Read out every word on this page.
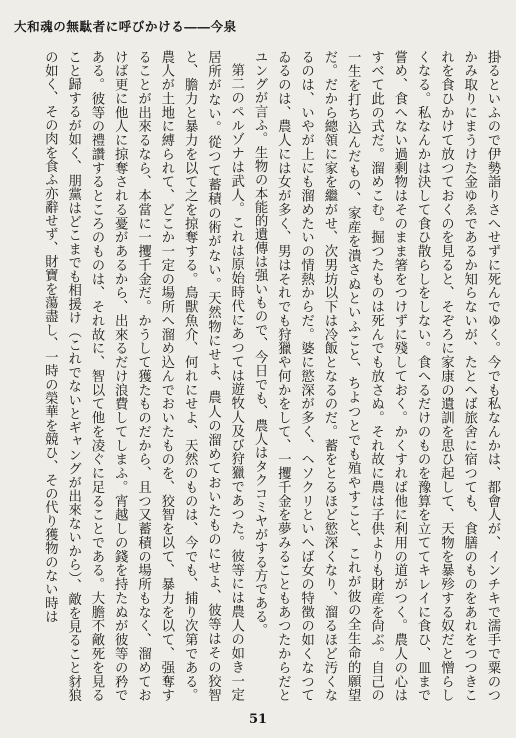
大和魂の無駄者に呼びかける――今泉

掛るといふので伊勢詣りさへせずに死んでゆく。今でも私なんかは、都會人が、インチキで濡手で粟のつかみ取りにまうけた金ゆゑであるか知らないが、たとへば旅舍に宿つても、食膳のものをあれをつつきこれを食ひかけて放つておくのを見ると、そぞろに家康の遺訓を思ひ起して、天物を暴殄する奴だと憎らしくなる。私なんかは決して食ひ散らしをしない。食へるだけのものを豫算を立ててキレイに食ひ、皿まで嘗め、食へない過剩物はそのまま箸をつけずに殘しておく。かくすれば他に利用の道がつく。農人の心はすべて此の式だ。溜めこむ。掘つたものは死んでも放さぬ。それ故に農は子供よりも財産を尙ぶ。自己の一生を打ち込んだもの、家産を潰さぬといふこと、ちよつとでも殖やすこと、これが彼の全生命的願望だ。だから總領に家を繼がせ、次男坊以下は冷飯となるのだ。蓄をとるほど慾深くなり、溜るほど汚くなるのは、いやが上にも溜めたいの情熱からだ。婆に慾深が多く、ヘソクリといへば女の特徴の如くなつてゐるのは、農人には女が多く、男はそれでも狩獵や何かをして、一攫千金を夢みることもあつたからだとユングが言ふ。生物の本能的遺傳は强いもので、今日でも、農人はタクコミヤがする方である。

第二のペルゾナは武人。これは原始時代にあつては遊牧人及び狩獵であつた。彼等には農人の如き一定居所がない。從つて蓄積の術がない。天然物にせよ、農人の溜めておいたものにせよ、彼等はその狡智と、膽力と暴力を以て之を掠奪する。鳥獸魚介、何れにせよ、天然のものは、今でも、捕り次第である。農人が土地に縛られて、どこか一定の場所へ溜め込んでおいたものを、狡智を以て、暴力を以て、强奪することが出來るなら、本當に一攫千金だ。かうして獲たものだから、且つ又蓄積の場所もなく、溜めておけば更に他人に掠奪される憂があるから、出來るだけ浪費してしまふ。宵越しの錢を持たぬが彼等の矜である。彼等の禮讚するところのものは、それ故に、智以て他を凌ぐに足ることである。大膽不敵死を見ること歸するが如く、朋黨はどこまでも相援け（これでないとギャングが出來ないから）、敵を見ること豺狼の如く、その肉を食ふ亦辭せず、財寶を蕩盡し、一時の榮華を競ひ、その代り獲物のない時は

51
